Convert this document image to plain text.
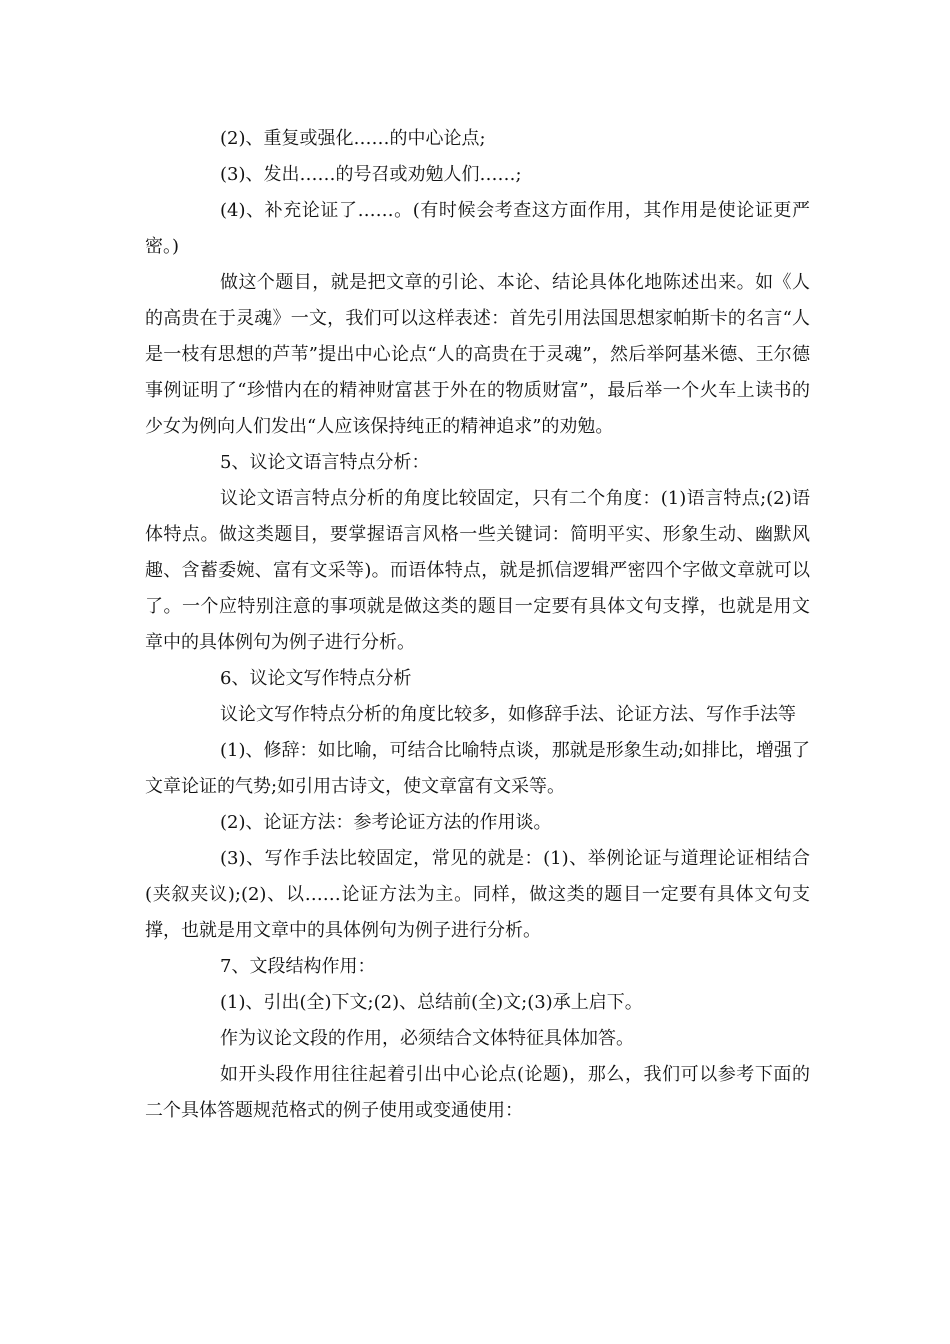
(2)、重复或强化……的中心论点;

(3)、发出……的号召或劝勉人们……;

(4)、补充论证了……。(有时候会考查这方面作用，其作用是使论证更严密。)

做这个题目，就是把文章的引论、本论、结论具体化地陈述出来。如《人的高贵在于灵魂》一文，我们可以这样表述：首先引用法国思想家帕斯卡的名言“人是一枝有思想的芦苇”提出中心论点“人的高贵在于灵魂”，然后举阿基米德、王尔德事例证明了“珍惜内在的精神财富甚于外在的物质财富”，最后举一个火车上读书的少女为例向人们发出“人应该保持纯正的精神追求”的劝勉。

5、议论文语言特点分析：

议论文语言特点分析的角度比较固定，只有二个角度：(1)语言特点;(2)语体特点。做这类题目，要掌握语言风格一些关键词：简明平实、形象生动、幽默风趣、含蓄委婉、富有文采等)。而语体特点，就是抓信逻辑严密四个字做文章就可以了。一个应特别注意的事项就是做这类的题目一定要有具体文句支撑，也就是用文章中的具体例句为例子进行分析。

6、议论文写作特点分析

议论文写作特点分析的角度比较多，如修辞手法、论证方法、写作手法等

(1)、修辞：如比喻，可结合比喻特点谈，那就是形象生动;如排比，增强了文章论证的气势;如引用古诗文，使文章富有文采等。

(2)、论证方法：参考论证方法的作用谈。

(3)、写作手法比较固定，常见的就是：(1)、举例论证与道理论证相结合(夹叙夹议);(2)、以……论证方法为主。同样，做这类的题目一定要有具体文句支撑，也就是用文章中的具体例句为例子进行分析。

7、文段结构作用：

(1)、引出(全)下文;(2)、总结前(全)文;(3)承上启下。

作为议论文段的作用，必须结合文体特征具体加答。

如开头段作用往往起着引出中心论点(论题)，那么，我们可以参考下面的二个具体答题规范格式的例子使用或变通使用：
